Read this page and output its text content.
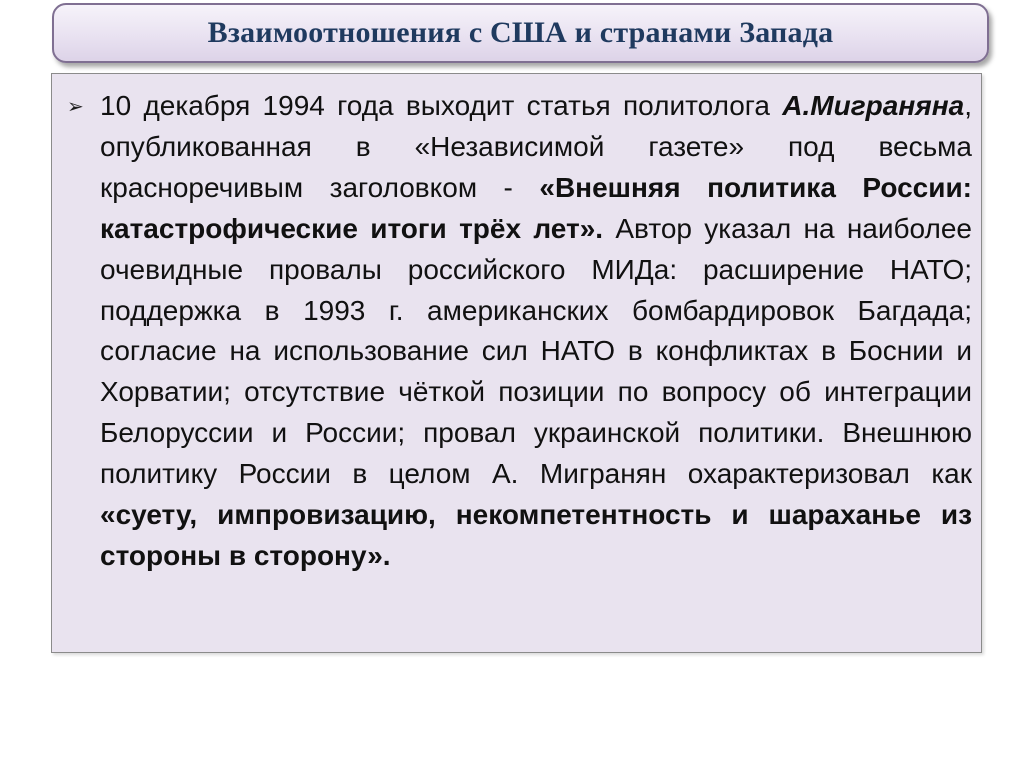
Взаимоотношения с США и странами Запада
➢ 10 декабря 1994 года выходит статья политолога А.Миграняна, опубликованная в «Независимой газете» под весьма красноречивым заголовком - «Внешняя политика России: катастрофические итоги трёх лет». Автор указал на наиболее очевидные провалы российского МИДа: расширение НАТО; поддержка в 1993 г. американских бомбардировок Багдада; согласие на использование сил НАТО в конфликтах в Боснии и Хорватии; отсутствие чёткой позиции по вопросу об интеграции Белоруссии и России; провал украинской политики. Внешнюю политику России в целом А. Мигранян охарактеризовал как «суету, импровизацию, некомпетентность и шараханье из стороны в сторону».
